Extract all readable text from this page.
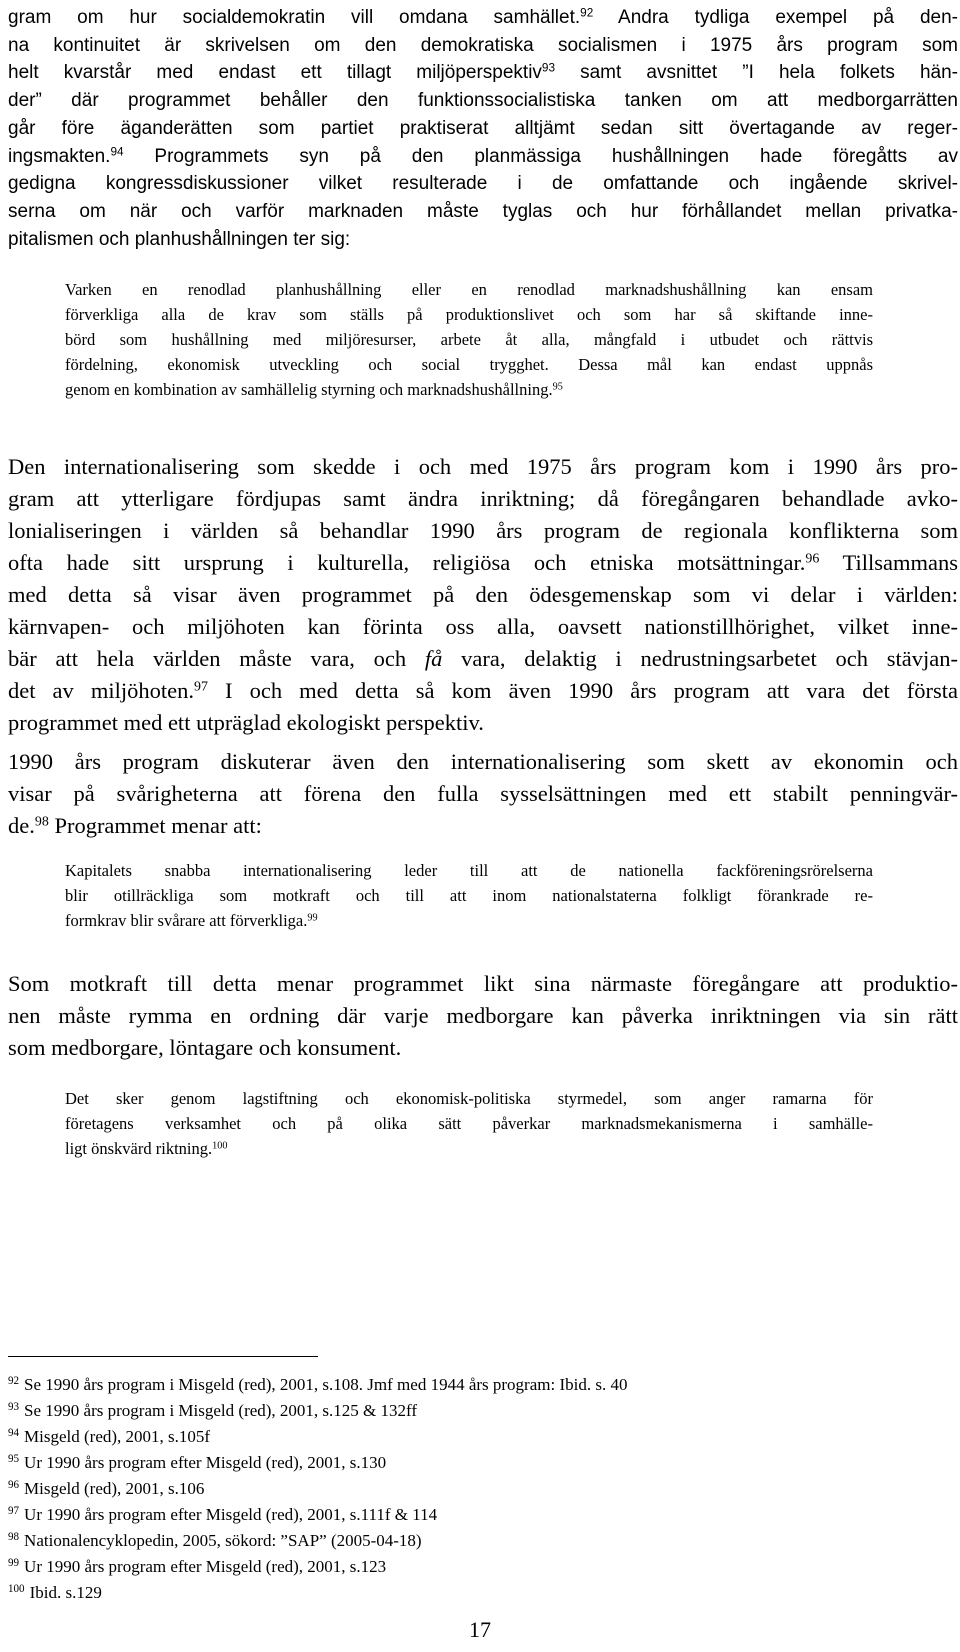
gram om hur socialdemokratin vill omdana samhället.$^{92}$ Andra tydliga exempel på den-
na kontinuitet är skrivelsen om den demokratiska socialismen i 1975 års program som
helt kvarstår med endast ett tillagt miljöperspektiv$^{93}$ samt avsnittet ”I hela folkets hän-
der” där programmet behåller den funktionssocialistiska tanken om att medborgarrätten
går före äganderätten som partiet praktiserat alltjämt sedan sitt övertagande av reger-
ingsmakten.$^{94}$ Programmets syn på den planmässiga hushållningen hade föregåtts av
gedigna kongressdiskussioner vilket resulterade i de omfattande och ingående skrivel-
serna om när och varför marknaden måste tyglas och hur förhållandet mellan privatka-
pitalismen och planhushållningen ter sig:
Varken en renodlad planhushållning eller en renodlad marknadshushållning kan ensam
förverkliga alla de krav som ställs på produktionslivet och som har så skiftande inne-
börd som hushållning med miljöresurser, arbete åt alla, mångfald i utbudet och rättvis
fördelning, ekonomisk utveckling och social trygghet. Dessa mål kan endast uppnås
genom en kombination av samhällelig styrning och marknadshushållning.$^{95}$
Den internationalisering som skedde i och med 1975 års program kom i 1990 års pro-
gram att ytterligare fördjupas samt ändra inriktning; då föregångaren behandlade avko-
lonialiseringen i världen så behandlar 1990 års program de regionala konflikterna som
ofta hade sitt ursprung i kulturella, religiösa och etniska motsättningar.$^{96}$ Tillsammans
med detta så visar även programmet på den ödesgemenskap som vi delar i världen:
kärnvapen- och miljöhoten kan förinta oss alla, oavsett nationstillhörighet, vilket inne-
bär att hela världen måste vara, och få vara, delaktig i nedrustningsarbetet och stävjan-
det av miljöhoten.$^{97}$ I och med detta så kom även 1990 års program att vara det första
programmet med ett utpräglad ekologiskt perspektiv.
1990 års program diskuterar även den internationalisering som skett av ekonomin och
visar på svårigheterna att förena den fulla sysselsättningen med ett stabilt penningvär-
de.$^{98}$ Programmet menar att:
Kapitalets snabba internationalisering leder till att de nationella fackföreningsrörelserna
blir otillräckliga som motkraft och till att inom nationalstaterna folkligt förankrade re-
formkrav blir svårare att förverkliga.$^{99}$
Som motkraft till detta menar programmet likt sina närmaste föregångare att produktio-
nen måste rymma en ordning där varje medborgare kan påverka inriktningen via sin rätt
som medborgare, löntagare och konsument.
Det sker genom lagstiftning och ekonomisk-politiska styrmedel, som anger ramarna för
företagens verksamhet och på olika sätt påverkar marknadsmekanismerna i samhälle-
ligt önskvärd riktning.$^{100}$
$^{92}$ Se 1990 års program i Misgeld (red), 2001, s.108. Jmf med 1944 års program: Ibid. s. 40
$^{93}$ Se 1990 års program i Misgeld (red), 2001, s.125 & 132ff
$^{94}$ Misgeld (red), 2001, s.105f
$^{95}$ Ur 1990 års program efter Misgeld (red), 2001, s.130
$^{96}$ Misgeld (red), 2001, s.106
$^{97}$ Ur 1990 års program efter Misgeld (red), 2001, s.111f & 114
$^{98}$ Nationalencyklopedin, 2005, sökord: ”SAP” (2005-04-18)
$^{99}$ Ur 1990 års program efter Misgeld (red), 2001, s.123
$^{100}$ Ibid. s.129
17
